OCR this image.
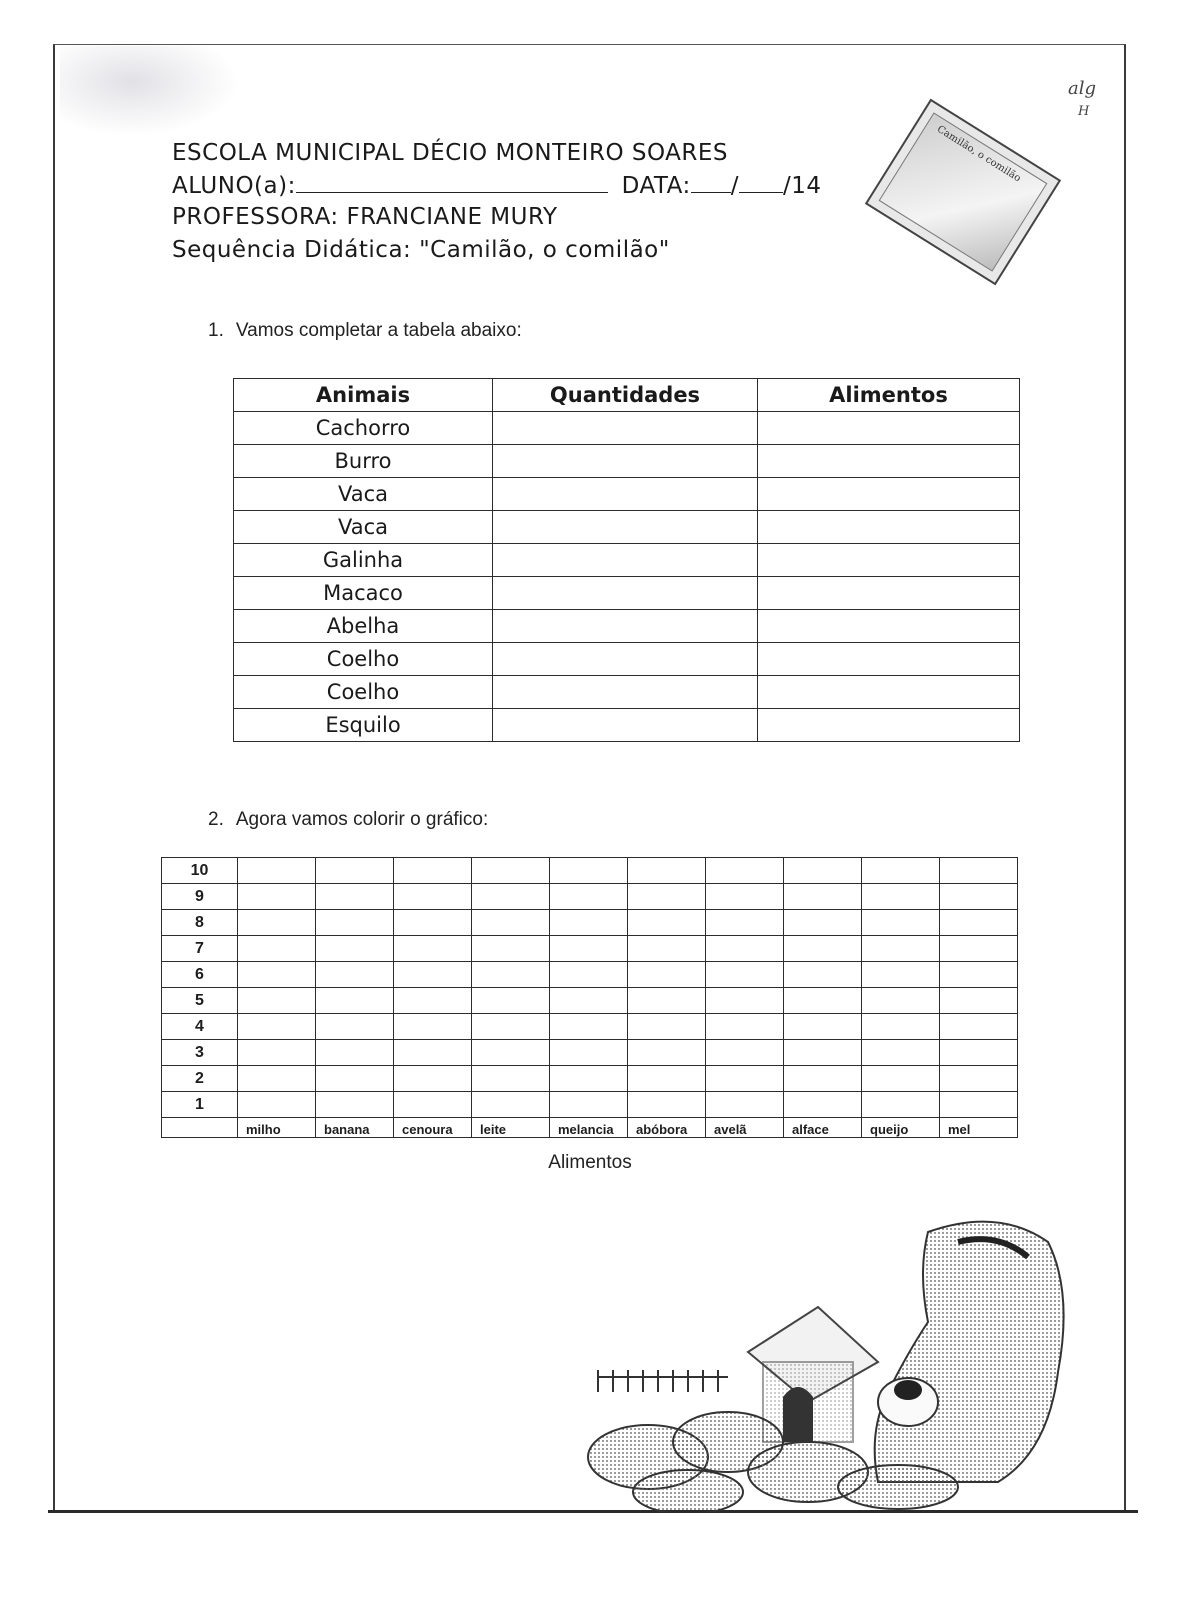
alg
H
Camilão, o comilão
ESCOLA MUNICIPAL DÉCIO MONTEIRO SOARES
ALUNO(a):	DATA: / /14
PROFESSORA: FRANCIANE MURY
Sequência Didática: "Camilão, o comilão"
1. Vamos completar a tabela abaixo:
Animais	Quantidades	Alimentos
Cachorro		
Burro		
Vaca		
Vaca		
Galinha		
Macaco		
Abelha		
Coelho		
Coelho		
Esquilo		
2. Agora vamos colorir o gráfico:
10										
9										
8										
7										
6										
5										
4										
3										
2										
1										
	milho	banana	cenoura	leite	melancia	abóbora	avelã	alface	queijo	mel
Alimentos
